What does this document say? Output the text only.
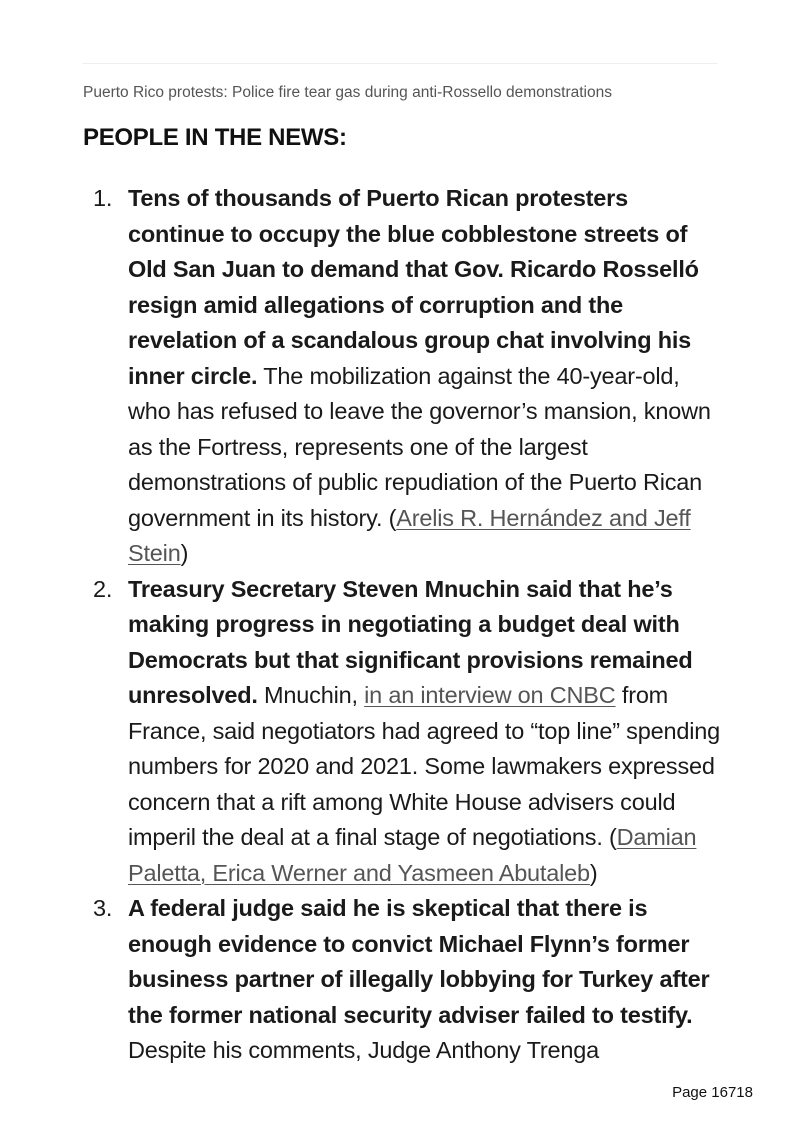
Puerto Rico protests: Police fire tear gas during anti-Rossello demonstrations
PEOPLE IN THE NEWS:
1. Tens of thousands of Puerto Rican protesters continue to occupy the blue cobblestone streets of Old San Juan to demand that Gov. Ricardo Rosselló resign amid allegations of corruption and the revelation of a scandalous group chat involving his inner circle. The mobilization against the 40-year-old, who has refused to leave the governor’s mansion, known as the Fortress, represents one of the largest demonstrations of public repudiation of the Puerto Rican government in its history. (Arelis R. Hernández and Jeff Stein)
2. Treasury Secretary Steven Mnuchin said that he’s making progress in negotiating a budget deal with Democrats but that significant provisions remained unresolved. Mnuchin, in an interview on CNBC from France, said negotiators had agreed to “top line” spending numbers for 2020 and 2021. Some lawmakers expressed concern that a rift among White House advisers could imperil the deal at a final stage of negotiations. (Damian Paletta, Erica Werner and Yasmeen Abutaleb)
3. A federal judge said he is skeptical that there is enough evidence to convict Michael Flynn’s former business partner of illegally lobbying for Turkey after the former national security adviser failed to testify. Despite his comments, Judge Anthony Trenga
Page 16718
